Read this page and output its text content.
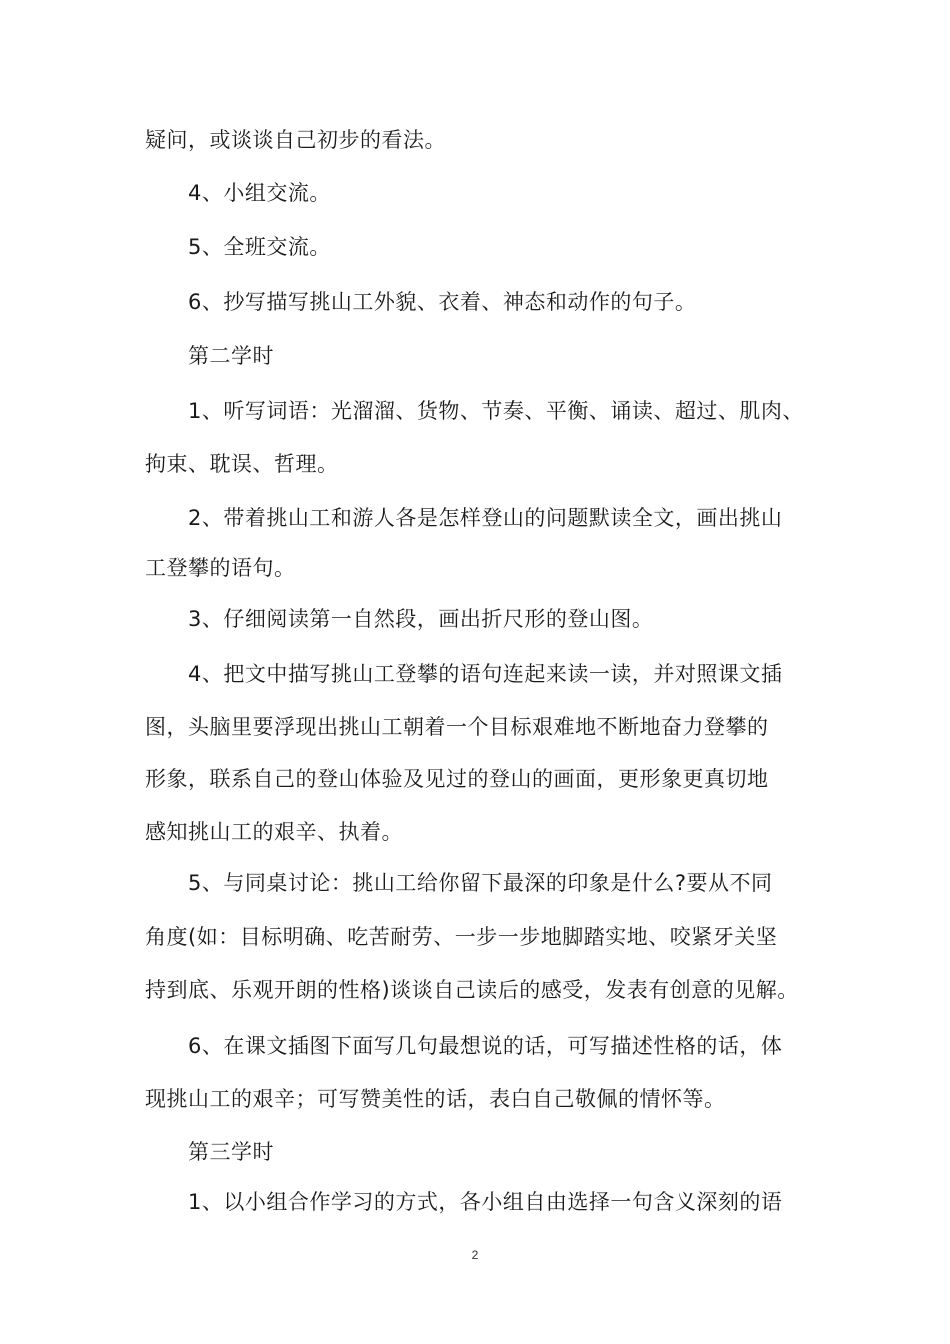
疑问，或谈谈自己初步的看法。

4、小组交流。

5、全班交流。

6、抄写描写挑山工外貌、衣着、神态和动作的句子。

第二学时

1、听写词语：光溜溜、货物、节奏、平衡、诵读、超过、肌肉、

拘束、耽误、哲理。

2、带着挑山工和游人各是怎样登山的问题默读全文，画出挑山

工登攀的语句。

3、仔细阅读第一自然段，画出折尺形的登山图。

4、把文中描写挑山工登攀的语句连起来读一读，并对照课文插

图，头脑里要浮现出挑山工朝着一个目标艰难地不断地奋力登攀的

形象，联系自己的登山体验及见过的登山的画面，更形象更真切地

感知挑山工的艰辛、执着。

5、与同桌讨论：挑山工给你留下最深的印象是什么?要从不同

角度(如：目标明确、吃苦耐劳、一步一步地脚踏实地、咬紧牙关坚

持到底、乐观开朗的性格)谈谈自己读后的感受，发表有创意的见解。

6、在课文插图下面写几句最想说的话，可写描述性格的话，体

现挑山工的艰辛；可写赞美性的话，表白自己敬佩的情怀等。

第三学时

1、以小组合作学习的方式，各小组自由选择一句含义深刻的语

2
